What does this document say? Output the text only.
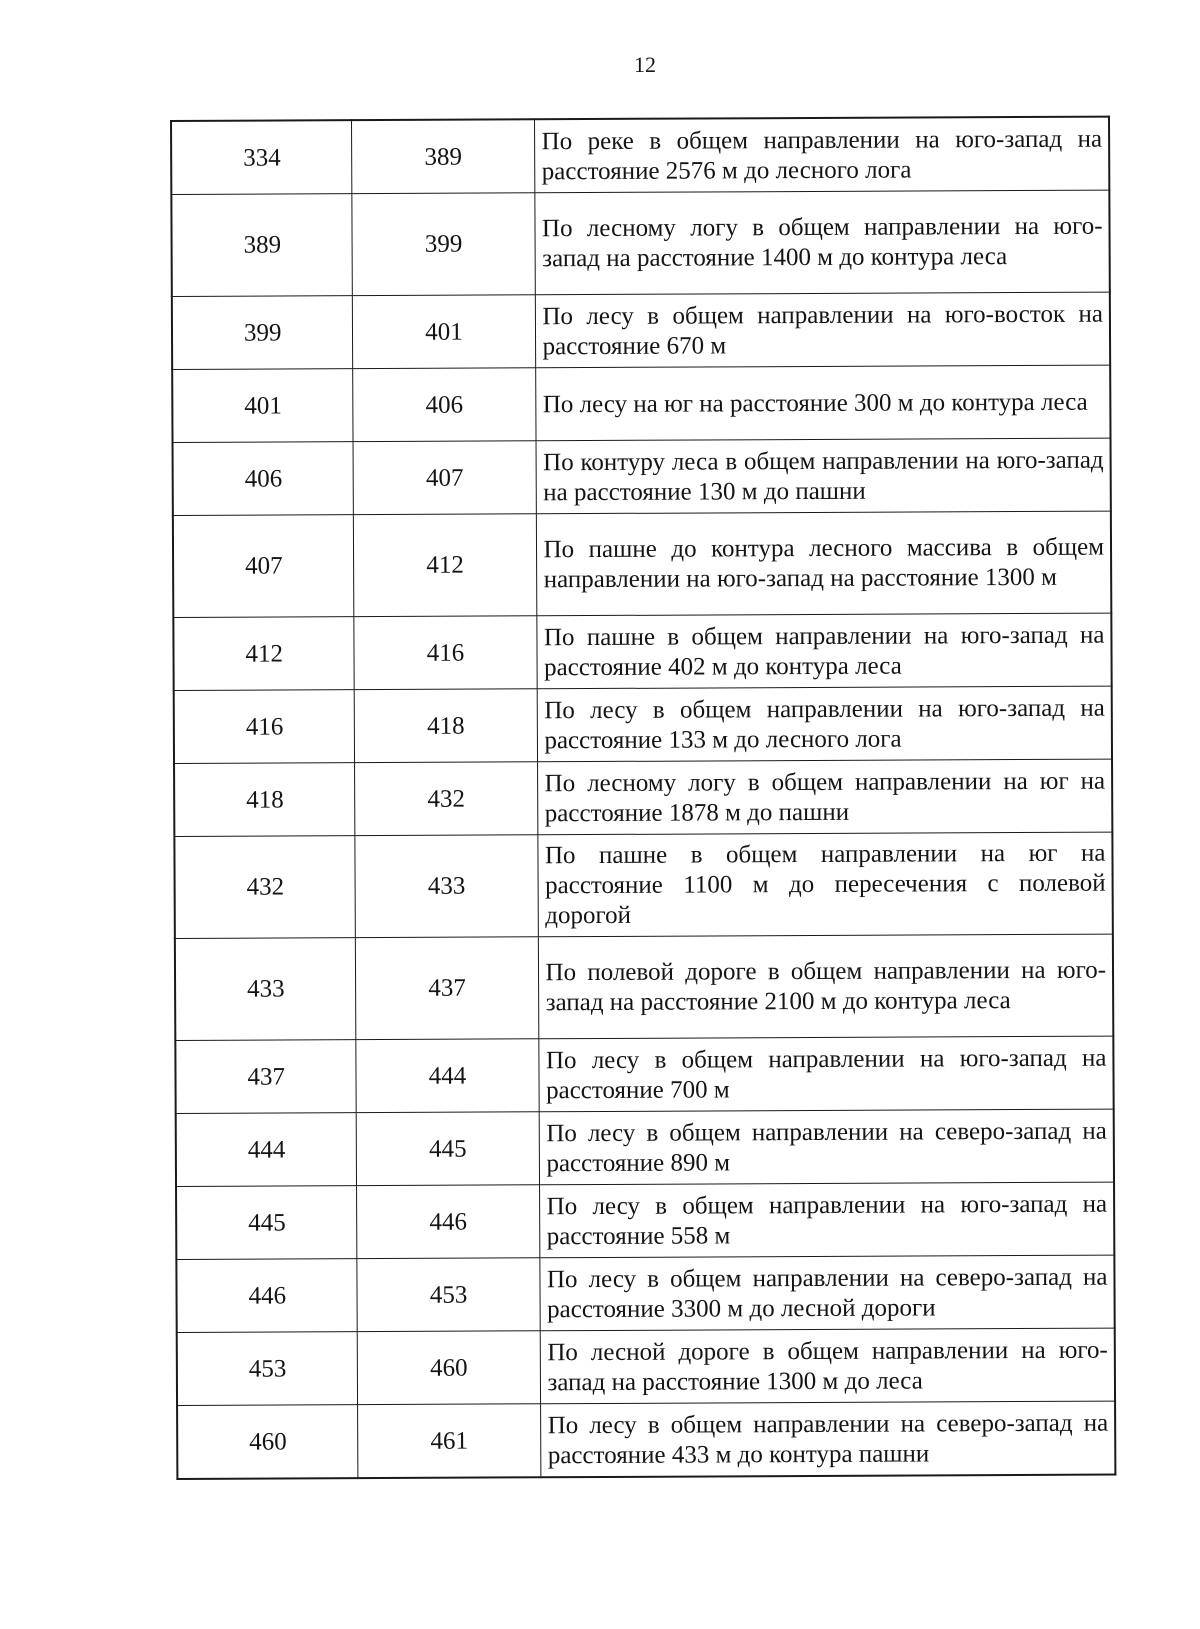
12
334	389	По реке в общем направлении на юго-запад на расстояние 2576 м до лесного лога
389	399	По лесному логу в общем направлении на юго-запад на расстояние 1400 м до контура леса
399	401	По лесу в общем направлении на юго-восток на расстояние 670 м
401	406	По лесу на юг на расстояние 300 м до контура леса
406	407	По контуру леса в общем направлении на юго-запад на расстояние 130 м до пашни
407	412	По пашне до контура лесного массива в общем направлении на юго-запад на расстояние 1300 м
412	416	По пашне в общем направлении на юго-запад на расстояние 402 м до контура леса
416	418	По лесу в общем направлении на юго-запад на расстояние 133 м до лесного лога
418	432	По лесному логу в общем направлении на юг на расстояние 1878 м до пашни
432	433	По пашне в общем направлении на юг на расстояние 1100 м до пересечения с полевой дорогой
433	437	По полевой дороге в общем направлении на юго-запад на расстояние 2100 м до контура леса
437	444	По лесу в общем направлении на юго-запад на расстояние 700 м
444	445	По лесу в общем направлении на северо-запад на расстояние 890 м
445	446	По лесу в общем направлении на юго-запад на расстояние 558 м
446	453	По лесу в общем направлении на северо-запад на расстояние 3300 м до лесной дороги
453	460	По лесной дороге в общем направлении на юго-запад на расстояние 1300 м до леса
460	461	По лесу в общем направлении на северо-запад на расстояние 433 м до контура пашни
